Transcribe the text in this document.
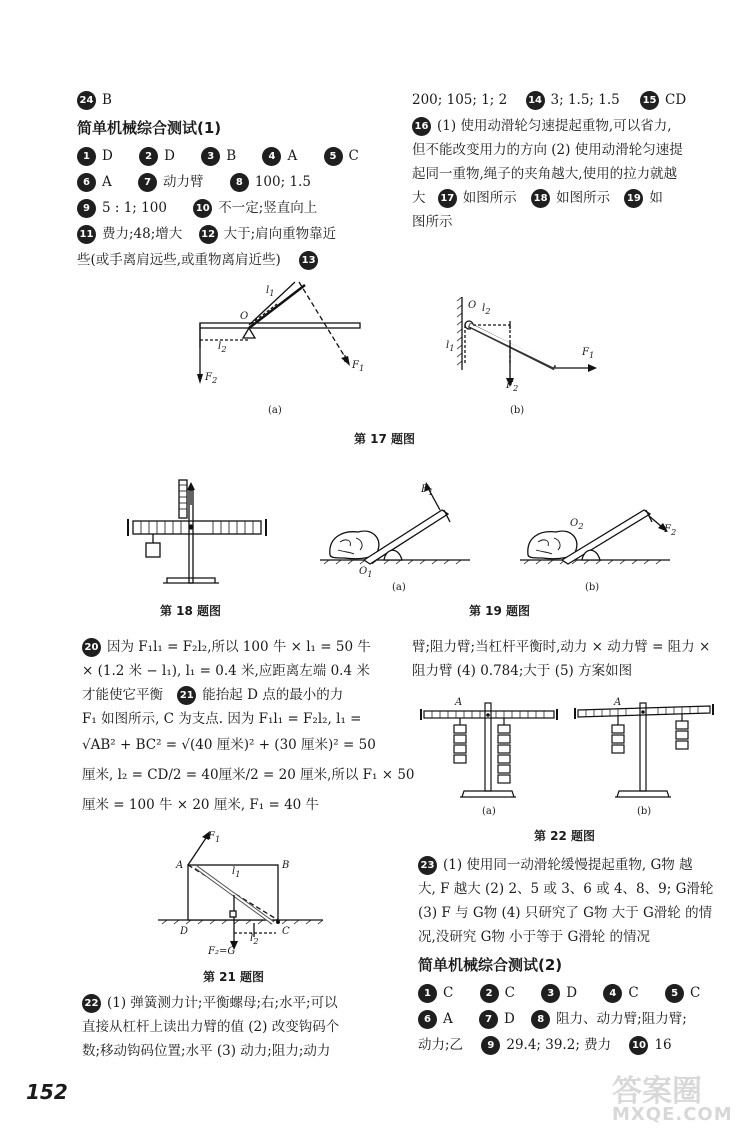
24 B
简单机械综合测试(1)
1 D	2 D	3 B	4 A	5 C
6 A	7 动力臂	8 100; 1.5
9 5 : 1; 100	10 不一定;竖直向上
11 费力;48;增大 12 大于;肩向重物靠近
些(或手离肩远些,或重物离肩近些) 13
200; 105; 1; 2 14 3; 1.5; 1.5 15 CD
16 (1) 使用动滑轮匀速提起重物,可以省力,
但不能改变用力的方向 (2) 使用动滑轮匀速提
起同一重物,绳子的夹角越大,使用的拉力就越
大 17 如图所示 18 如图所示 19 如
图所示
$l_1$
O
$l_2$
$F_2$
$F_1$
(a)
O $l_2$
$l_1$	$F_1$
$F_2$
(b)
第 17 题图
第 18 题图
$F_1$
$O_1$
(a)
$O_2$	$F_2$
(b)
第 19 题图
20 因为 F₁l₁ = F₂l₂,所以 100 牛 × l₁ = 50 牛
× (1.2 米 − l₁), l₁ = 0.4 米,应距离左端 0.4 米
才能使它平衡 21 能抬起 D 点的最小的力
F₁ 如图所示, C 为支点. 因为 F₁l₁ = F₂l₂, l₁ =
√AB² + BC² = √(40 厘米)² + (30 厘米)² = 50
厘米, l₂ = CD/2 = 40厘米/2 = 20 厘米,所以 F₁ × 50
厘米 = 100 牛 × 20 厘米, F₁ = 40 牛
$F_1$
A	B
$l_1$
D	C
$l_2$
F₂=G
第 21 题图
22 (1) 弹簧测力计;平衡螺母;右;水平;可以
直接从杠杆上读出力臂的值 (2) 改变钩码个
数;移动钩码位置;水平 (3) 动力;阻力;动力
臂;阻力臂;当杠杆平衡时,动力 × 动力臂 = 阻力 ×
阻力臂 (4) 0.784;大于 (5) 方案如图
A
(a)
A
(b)
第 22 题图
23 (1) 使用同一动滑轮缓慢提起重物, G物 越
大, F 越大 (2) 2、5 或 3、6 或 4、8、9; G滑轮
(3) F 与 G物 (4) 只研究了 G物 大于 G滑轮 的情
况,没研究 G物 小于等于 G滑轮 的情况
简单机械综合测试(2)
1 C	2 C	3 D	4 C	5 C
6 A	7 D 8 阻力、动力臂;阻力臂;
动力;乙 9 29.4; 39.2; 费力 10 16
152	答案圈
MXQE.COM
